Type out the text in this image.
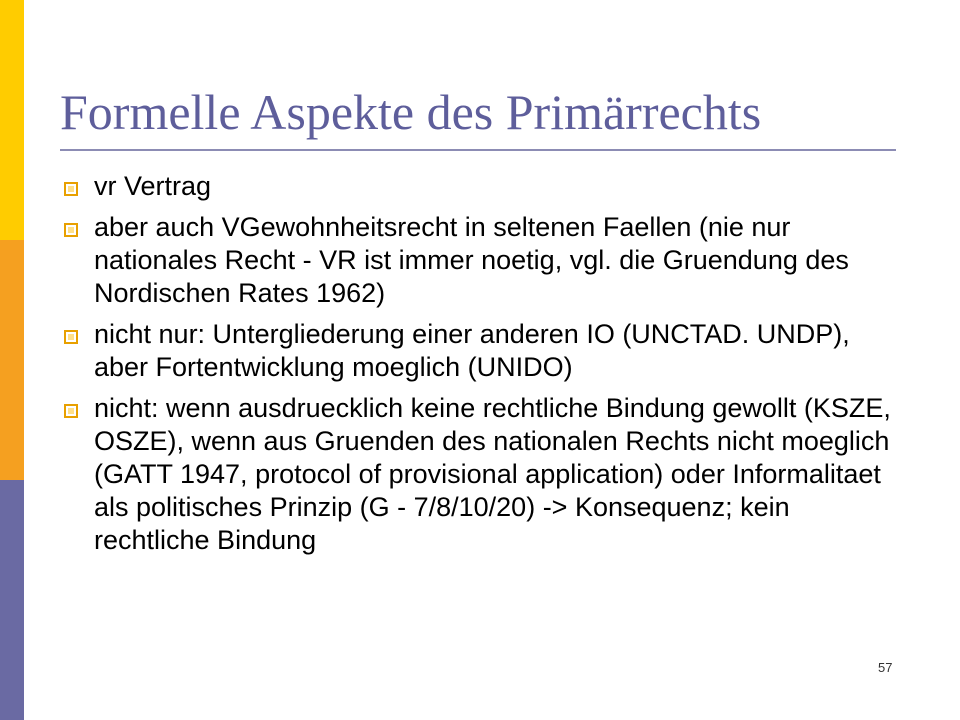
Formelle Aspekte des Primärrechts
vr Vertrag
aber auch VGewohnheitsrecht in seltenen Faellen (nie nur nationales Recht - VR ist immer noetig, vgl. die Gruendung des Nordischen Rates 1962)
nicht nur: Untergliederung einer anderen IO (UNCTAD. UNDP), aber Fortentwicklung moeglich (UNIDO)
nicht: wenn ausdruecklich keine rechtliche Bindung gewollt (KSZE, OSZE), wenn aus Gruenden des nationalen Rechts nicht moeglich (GATT 1947, protocol of provisional application) oder Informalitaet als politisches Prinzip (G - 7/8/10/20) -> Konsequenz; kein rechtliche Bindung
57
